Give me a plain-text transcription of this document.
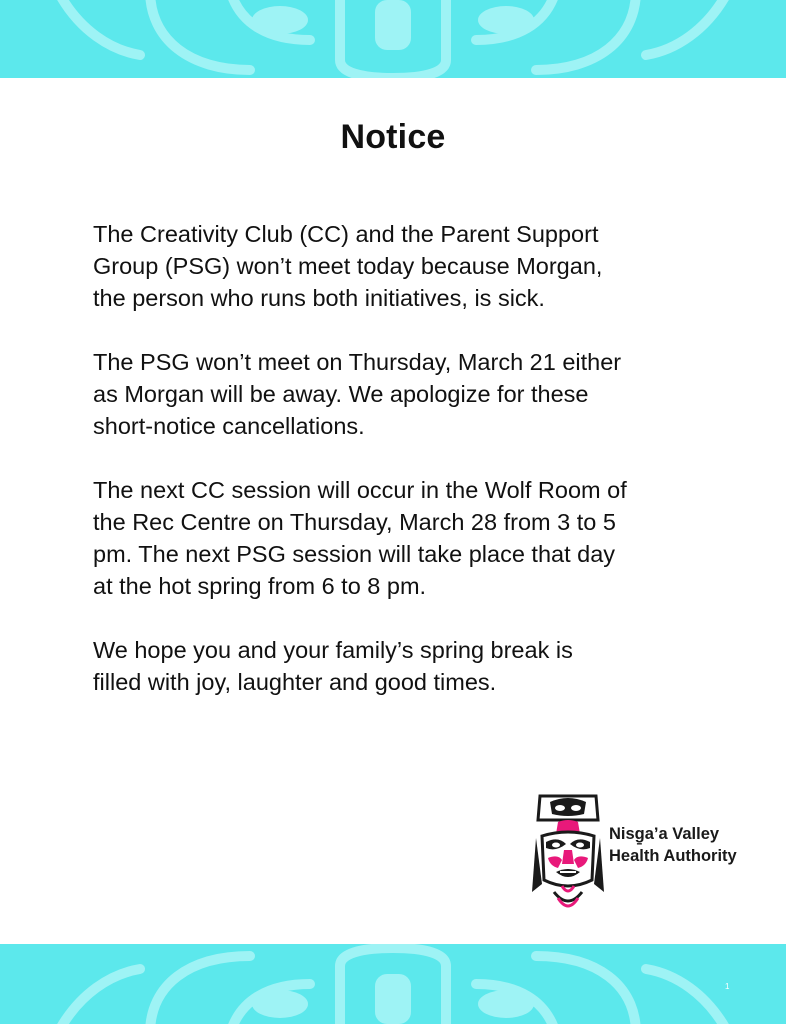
Notice

The Creativity Club (CC) and the Parent Support
Group (PSG) won’t meet today because Morgan,
the person who runs both initiatives, is sick.

The PSG won’t meet on Thursday, March 21 either
as Morgan will be away. We apologize for these
short-notice cancellations.

The next CC session will occur in the Wolf Room of
the Rec Centre on Thursday, March 28 from 3 to 5
pm. The next PSG session will take place that day
at the hot spring from 6 to 8 pm.

We hope you and your family’s spring break is
filled with joy, laughter and good times.

Nisg̱a’a Valley
Health Authority
1
